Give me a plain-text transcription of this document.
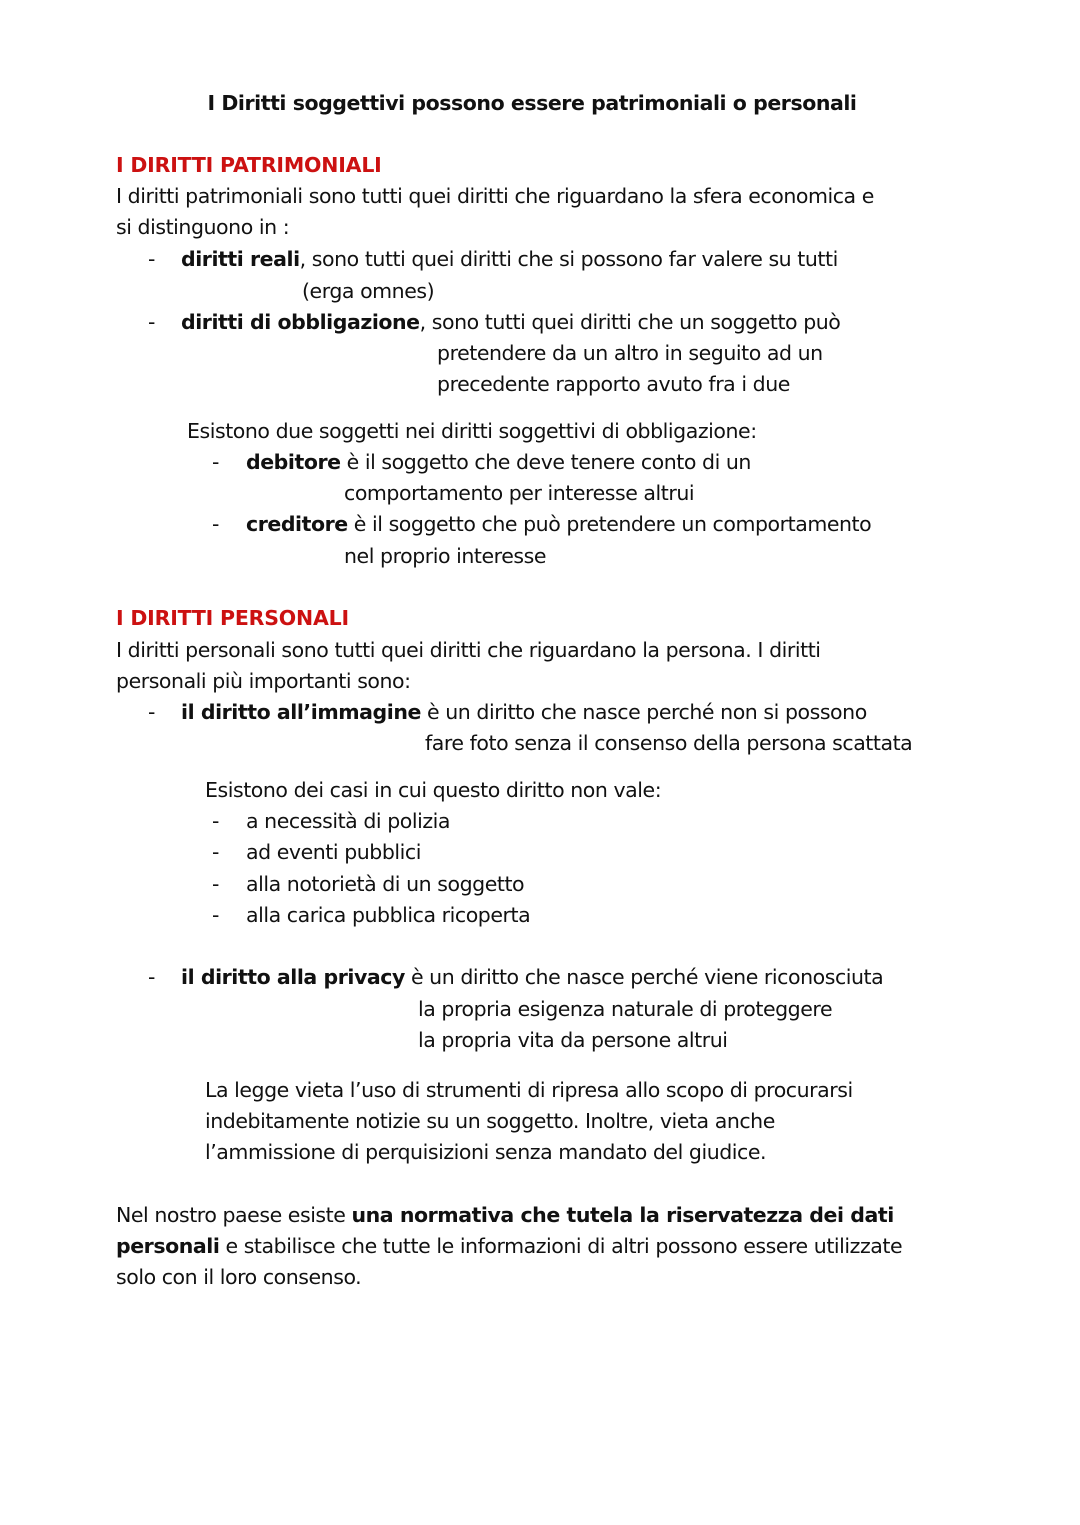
I Diritti soggettivi possono essere patrimoniali o personali
I DIRITTI PATRIMONIALI
I diritti patrimoniali sono tutti quei diritti che riguardano la sfera economica e
si distinguono in :
- diritti reali, sono tutti quei diritti che si possono far valere su tutti
(erga omnes)
- diritti di obbligazione, sono tutti quei diritti che un soggetto può
pretendere da un altro in seguito ad un
precedente rapporto avuto fra i due
Esistono due soggetti nei diritti soggettivi di obbligazione:
- debitore è il soggetto che deve tenere conto di un
comportamento per interesse altrui
- creditore è il soggetto che può pretendere un comportamento
nel proprio interesse
I DIRITTI PERSONALI
I diritti personali sono tutti quei diritti che riguardano la persona. I diritti
personali più importanti sono:
- il diritto all’immagine è un diritto che nasce perché non si possono
fare foto senza il consenso della persona scattata
Esistono dei casi in cui questo diritto non vale:
- a necessità di polizia
- ad eventi pubblici
- alla notorietà di un soggetto
- alla carica pubblica ricoperta
- il diritto alla privacy è un diritto che nasce perché viene riconosciuta
la propria esigenza naturale di proteggere
la propria vita da persone altrui
La legge vieta l’uso di strumenti di ripresa allo scopo di procurarsi
indebitamente notizie su un soggetto. Inoltre, vieta anche
l’ammissione di perquisizioni senza mandato del giudice.
Nel nostro paese esiste una normativa che tutela la riservatezza dei dati
personali e stabilisce che tutte le informazioni di altri possono essere utilizzate
solo con il loro consenso.
